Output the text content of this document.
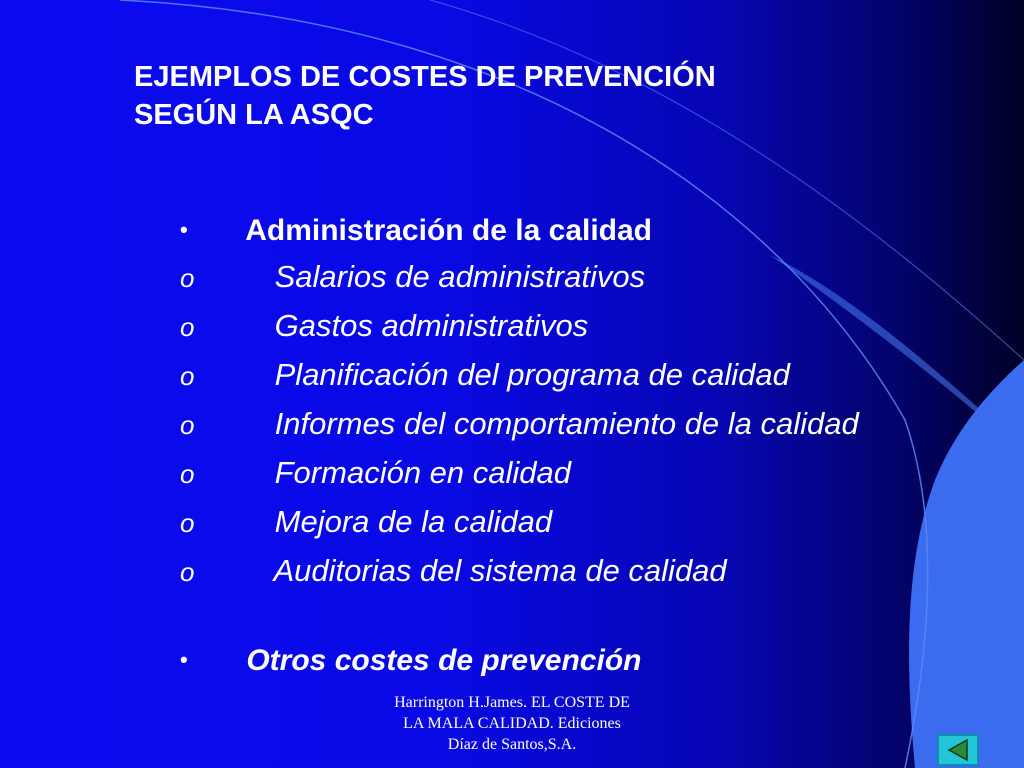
EJEMPLOS DE COSTES DE PREVENCIÓN
SEGÚN LA ASQC
• Administración de la calidad
o	Salarios de administrativos
o	Gastos administrativos
o	Planificación del programa de calidad
o	Informes del comportamiento de la calidad
o	Formación en calidad
o	Mejora de la calidad
o	Auditorias del sistema de calidad
• Otros costes de prevención
Harrington H.James. EL COSTE DE
LA MALA CALIDAD. Ediciones
Díaz de Santos,S.A.
